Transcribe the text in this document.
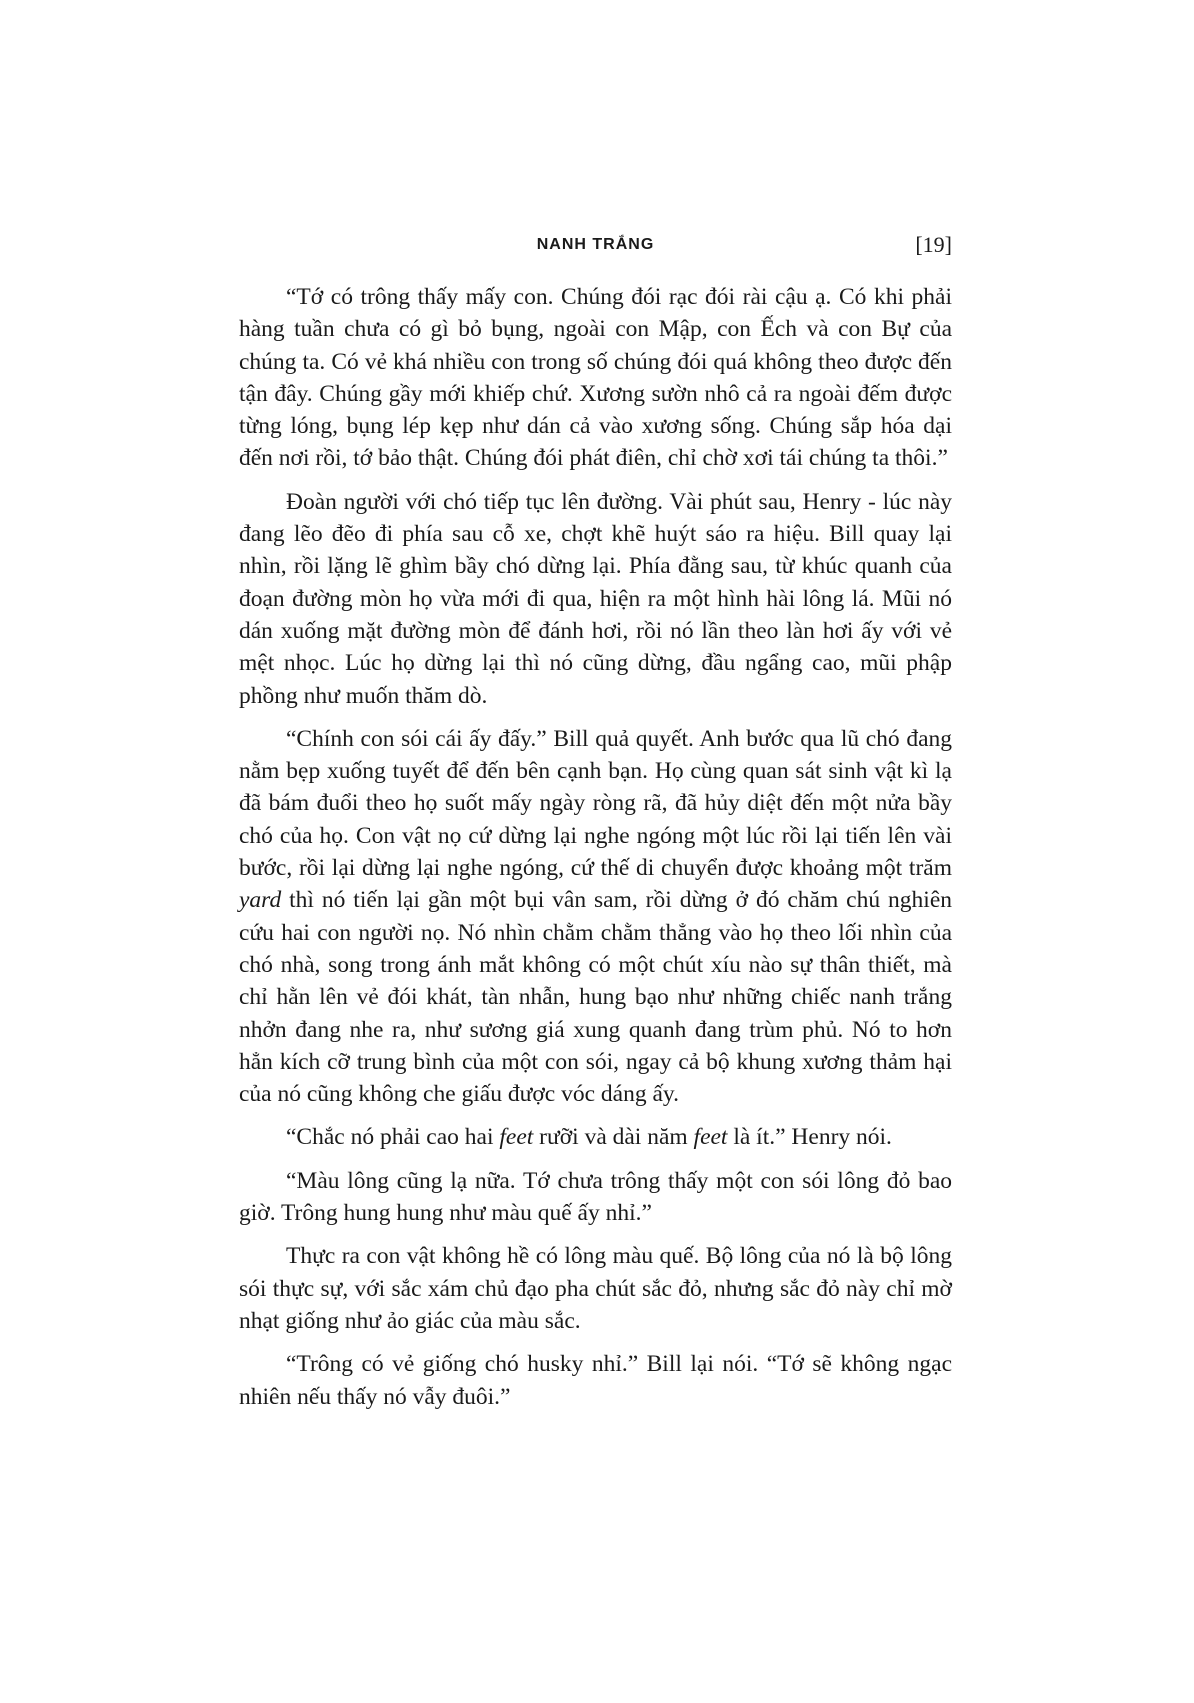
NANH TRẮNG	[19]

“Tớ có trông thấy mấy con. Chúng đói rạc đói rài cậu ạ. Có khi phải hàng tuần chưa có gì bỏ bụng, ngoài con Mập, con Ếch và con Bự của chúng ta. Có vẻ khá nhiều con trong số chúng đói quá không theo được đến tận đây. Chúng gầy mới khiếp chứ. Xương sườn nhô cả ra ngoài đếm được từng lóng, bụng lép kẹp như dán cả vào xương sống. Chúng sắp hóa dại đến nơi rồi, tớ bảo thật. Chúng đói phát điên, chỉ chờ xơi tái chúng ta thôi.”

Đoàn người với chó tiếp tục lên đường. Vài phút sau, Henry - lúc này đang lẽo đẽo đi phía sau cỗ xe, chợt khẽ huýt sáo ra hiệu. Bill quay lại nhìn, rồi lặng lẽ ghìm bầy chó dừng lại. Phía đằng sau, từ khúc quanh của đoạn đường mòn họ vừa mới đi qua, hiện ra một hình hài lông lá. Mũi nó dán xuống mặt đường mòn để đánh hơi, rồi nó lần theo làn hơi ấy với vẻ mệt nhọc. Lúc họ dừng lại thì nó cũng dừng, đầu ngẩng cao, mũi phập phồng như muốn thăm dò.

“Chính con sói cái ấy đấy.” Bill quả quyết. Anh bước qua lũ chó đang nằm bẹp xuống tuyết để đến bên cạnh bạn. Họ cùng quan sát sinh vật kì lạ đã bám đuổi theo họ suốt mấy ngày ròng rã, đã hủy diệt đến một nửa bầy chó của họ. Con vật nọ cứ dừng lại nghe ngóng một lúc rồi lại tiến lên vài bước, rồi lại dừng lại nghe ngóng, cứ thế di chuyển được khoảng một trăm yard thì nó tiến lại gần một bụi vân sam, rồi dừng ở đó chăm chú nghiên cứu hai con người nọ. Nó nhìn chằm chằm thẳng vào họ theo lối nhìn của chó nhà, song trong ánh mắt không có một chút xíu nào sự thân thiết, mà chỉ hằn lên vẻ đói khát, tàn nhẫn, hung bạo như những chiếc nanh trắng nhởn đang nhe ra, như sương giá xung quanh đang trùm phủ. Nó to hơn hẳn kích cỡ trung bình của một con sói, ngay cả bộ khung xương thảm hại của nó cũng không che giấu được vóc dáng ấy.

“Chắc nó phải cao hai feet rưỡi và dài năm feet là ít.” Henry nói.

“Màu lông cũng lạ nữa. Tớ chưa trông thấy một con sói lông đỏ bao giờ. Trông hung hung như màu quế ấy nhỉ.”

Thực ra con vật không hề có lông màu quế. Bộ lông của nó là bộ lông sói thực sự, với sắc xám chủ đạo pha chút sắc đỏ, nhưng sắc đỏ này chỉ mờ nhạt giống như ảo giác của màu sắc.

“Trông có vẻ giống chó husky nhỉ.” Bill lại nói. “Tớ sẽ không ngạc nhiên nếu thấy nó vẫy đuôi.”
